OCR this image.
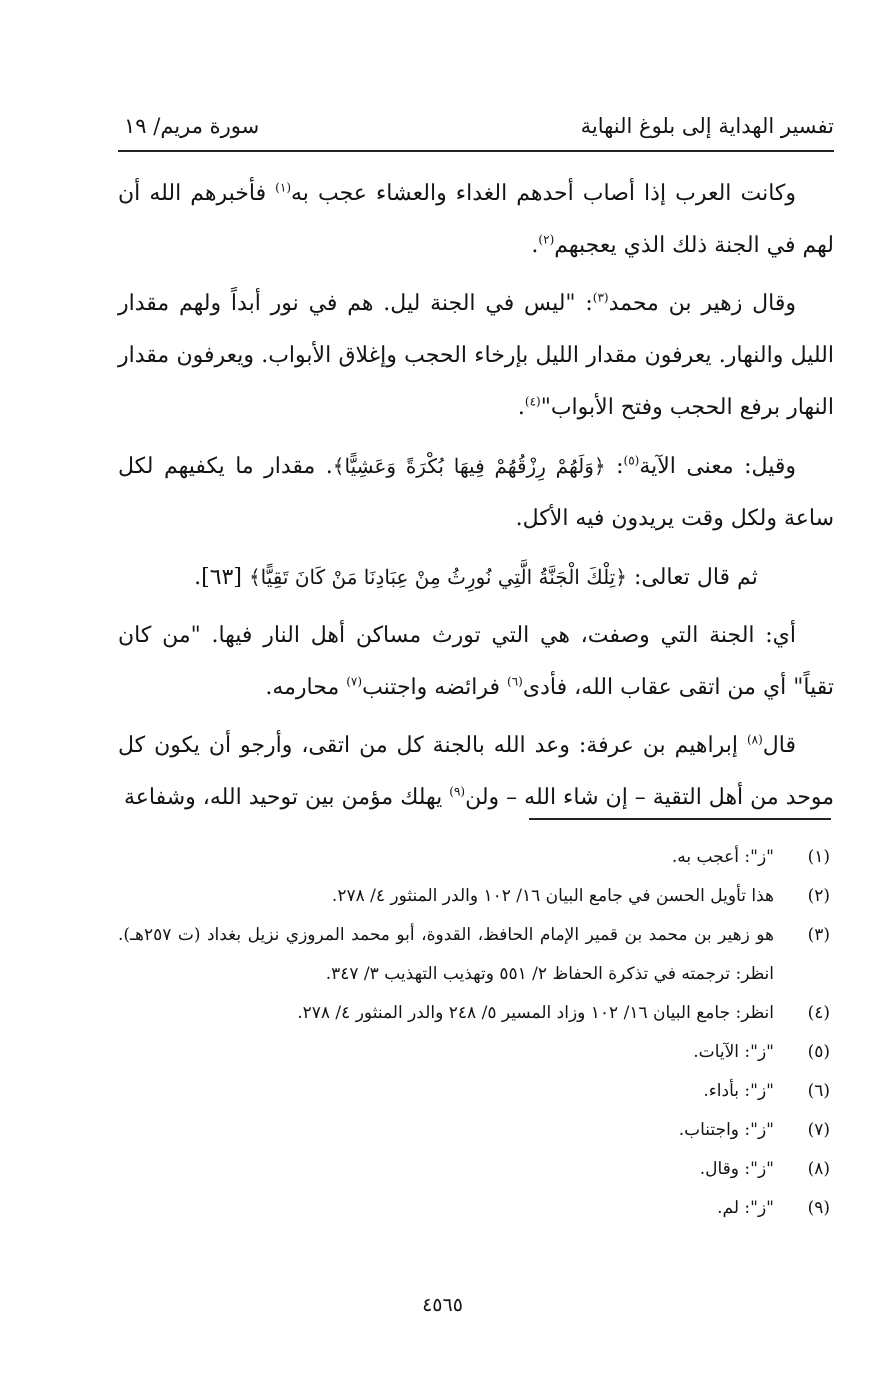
تفسير الهداية إلى بلوغ النهاية
سورة مريم/ ١٩

وكانت العرب إذا أصاب أحدهم الغداء والعشاء عجب به$^{(١)}$ فأخبرهم الله أن لهم في الجنة ذلك الذي يعجبهم$^{(٢)}$.

وقال زهير بن محمد$^{(٣)}$: "ليس في الجنة ليل. هم في نور أبداً ولهم مقدار الليل والنهار. يعرفون مقدار الليل بإرخاء الحجب وإغلاق الأبواب. ويعرفون مقدار النهار برفع الحجب وفتح الأبواب"$^{(٤)}$.

وقيل: معنى الآية$^{(٥)}$: ﴿وَلَهُمْ رِزْقُهُمْ فِيهَا بُكْرَةً وَعَشِيًّا﴾. مقدار ما يكفيهم لكل ساعة ولكل وقت يريدون فيه الأكل.

ثم قال تعالى: ﴿تِلْكَ الْجَنَّةُ الَّتِي نُورِثُ مِنْ عِبَادِنَا مَنْ كَانَ تَقِيًّا﴾ [٦٣].

أي: الجنة التي وصفت، هي التي تورث مساكن أهل النار فيها. "من كان تقياً" أي من اتقى عقاب الله، فأدى$^{(٦)}$ فرائضه واجتنب$^{(٧)}$ محارمه.

قال$^{(٨)}$ إبراهيم بن عرفة: وعد الله بالجنة كل من اتقى، وأرجو أن يكون كل موحد من أهل التقية – إن شاء الله – ولن$^{(٩)}$ يهلك مؤمن بين توحيد الله، وشفاعة

(١)
"ز": أعجب به.
(٢)
هذا تأويل الحسن في جامع البيان ١٦/ ١٠٢ والدر المنثور ٤/ ٢٧٨.
(٣)
هو زهير بن محمد بن قمير الإمام الحافظ، القدوة، أبو محمد المروزي نزيل بغداد (ت ٢٥٧هـ). انظر: ترجمته في تذكرة الحفاظ ٢/ ٥٥١ وتهذيب التهذيب ٣/ ٣٤٧.
(٤)
انظر: جامع البيان ١٦/ ١٠٢ وزاد المسير ٥/ ٢٤٨ والدر المنثور ٤/ ٢٧٨.
(٥)
"ز": الآيات.
(٦)
"ز": بأداء.
(٧)
"ز": واجتناب.
(٨)
"ز": وقال.
(٩)
"ز": لم.
٤٥٦٥
